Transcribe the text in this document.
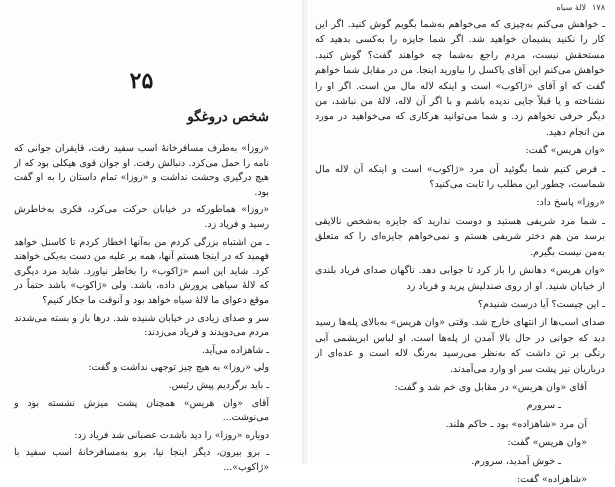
۲۵
شخص دروغگو

«روزا» به‌طرف مسافرخانهٔ اسب سفید رفت، قایقران جوانی که نامه را حمل می‌کرد. دنبالش رفت. او جوان قوی هیکلی بود که از هیچ درگیری وحشت نداشت و «روزا» تمام داستان را به او گفت بود.

«روزا» هماطورکه در خیابان حرکت می‌کرد، فکری به‌خاطرش رسید و فریاد زد.

ـ من اشتباه بزرگی کردم من به‌آنها اخطار کردم تا کاسنل خواهد فهمید که در اینجا هستم آنها، همه بر علیه من دست به‌یکی خواهند کرد. شاید این اسم «ژاکوب» را بخاطر نیاورد. شاید مرد دیگری که لالهٔ سیاهی پرورش داده، باشد. ولی «ژاکوب» باشد حتماً در موقع دعوای ما لالهٔ سیاه خواهد بود و آنوقت ما جکار کنیم؟

سر و صدای زیادی در خیابان شنیده شد. درها باز و بسته می‌شدند مردم می‌دویدند و فریاد می‌زدند:

ـ شاهزاده می‌آید.

ولی «روزا» به هیچ چیز توجهی نداشت و گفت:

ـ باید برگردیم پیش رئیس.

آقای «وان هریس» همچنان پشت میزش نشسته بود و می‌نوشت...

دوباره «روزا» را دید باشدت عصبانی شد فریاد زد:

ـ برو بیرون، دیگر اینجا نیا، برو به‌مسافرخانهٔ اسب سفید با «ژاکوب»...

۱۷۸لالهٔ سیاه

ـ خواهش می‌کنم به‌چیزی که می‌خواهم به‌شما بگویم گوش کنید. اگر این کار را نکنید پشیمان خواهید شد. اگر شما جایزه را به‌کسی بدهید که مستحقش نیست، مردم راجع به‌شما چه خواهند گفت؟ گوش کنید. خواهش می‌کنم این آقای یاکسل را بیاورید اینجا. من در مقابل شما خواهم گفت که او آقای «ژاکوب» است و اینکه لاله مال من است. اگر او را نشناخته و یا قبلاً جایی ندیده باشم و با اگر آن لاله، لالهٔ من نباشد، من دیگر حرفی نخواهم زد. و شما می‌توانید هرکاری که می‌خواهید در مورد من انجام دهید.

«وان هریس» گفت:

ـ فرض کنیم شما بگوئید آن مرد «ژاکوب» است و اینکه آن لاله مال شماست، چطور این مطلب را ثابت می‌کنید؟

«روزا» پاسخ داد:

ـ شما مرد شریفی هستید و دوست ندارید که جایزه به‌شخص نالایقی برسد من هم دختر شریفی هستم و نمی‌خواهم جایزه‌ای را که متعلق به‌من نیست بگیرم.

«وان هریس» دهانش را باز کرد تا جوابی دهد. ناگهان صدای فریاد بلندی از خیابان شنید. او از روی صندلیش پرید و فریاد زد

ـ این چیست؟ آیا درست شنیدم؟

صدای اسب‌ها از انتهای خارج شد. وقتی «وان هریس» به‌بالای پله‌ها رسید دید که جوانی در حال بالا آمدن از پله‌ها است. او لباس ابریشمی آبی رنگی بر تن داشت که به‌نظر می‌رسید به‌رنگ لاله است و عده‌ای از درباریان نیز پشت سر او وارد می‌آمدند.

آقای «وان هریس» در مقابل وی خم شد و گفت:

ـ سرورم

آن مرد «شاهزاده» بود ـ حاکم هلند.

«وان هریس» گفت:

ـ خوش آمدید، سرورم.

«شاهزاده» گفت:
